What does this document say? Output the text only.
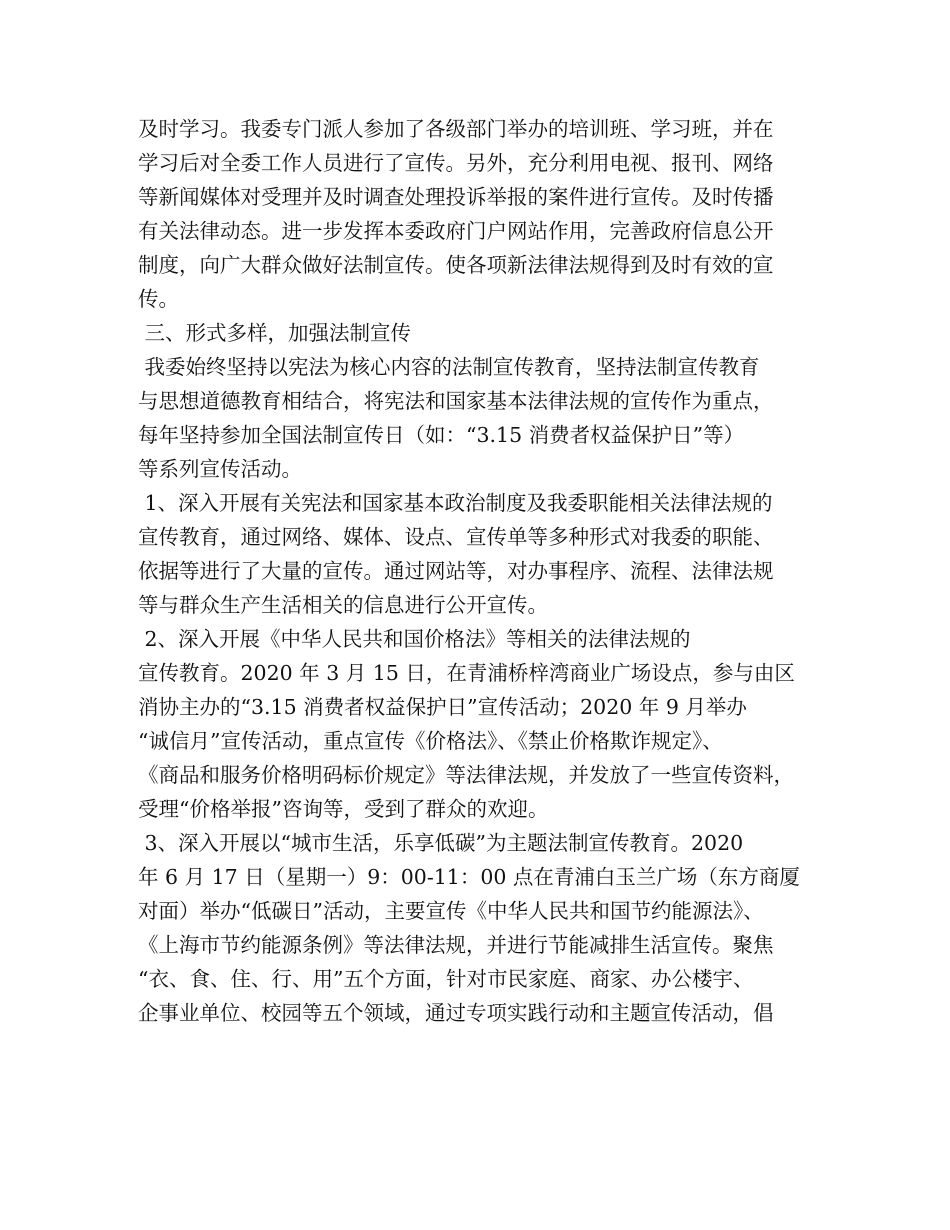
及时学习。我委专门派人参加了各级部门举办的培训班、学习班，并在
学习后对全委工作人员进行了宣传。另外，充分利用电视、报刊、网络
等新闻媒体对受理并及时调查处理投诉举报的案件进行宣传。及时传播
有关法律动态。进一步发挥本委政府门户网站作用，完善政府信息公开
制度，向广大群众做好法制宣传。使各项新法律法规得到及时有效的宣
传。
三、形式多样，加强法制宣传
我委始终坚持以宪法为核心内容的法制宣传教育，坚持法制宣传教育
与思想道德教育相结合，将宪法和国家基本法律法规的宣传作为重点，
每年坚持参加全国法制宣传日（如：“3.15 消费者权益保护日”等）
等系列宣传活动。
1、深入开展有关宪法和国家基本政治制度及我委职能相关法律法规的
宣传教育，通过网络、媒体、设点、宣传单等多种形式对我委的职能、
依据等进行了大量的宣传。通过网站等，对办事程序、流程、法律法规
等与群众生产生活相关的信息进行公开宣传。
2、深入开展《中华人民共和国价格法》等相关的法律法规的
宣传教育。2020 年 3 月 15 日，在青浦桥梓湾商业广场设点，参与由区
消协主办的“3.15 消费者权益保护日”宣传活动；2020 年 9 月举办
“诚信月”宣传活动，重点宣传《价格法》、《禁止价格欺诈规定》、
《商品和服务价格明码标价规定》等法律法规，并发放了一些宣传资料，
受理“价格举报”咨询等，受到了群众的欢迎。
3、深入开展以“城市生活，乐享低碳”为主题法制宣传教育。2020
年 6 月 17 日（星期一）9：00-11：00 点在青浦白玉兰广场（东方商厦
对面）举办“低碳日”活动，主要宣传《中华人民共和国节约能源法》、
《上海市节约能源条例》等法律法规，并进行节能减排生活宣传。聚焦
“衣、食、住、行、用”五个方面，针对市民家庭、商家、办公楼宇、
企事业单位、校园等五个领域，通过专项实践行动和主题宣传活动，倡
